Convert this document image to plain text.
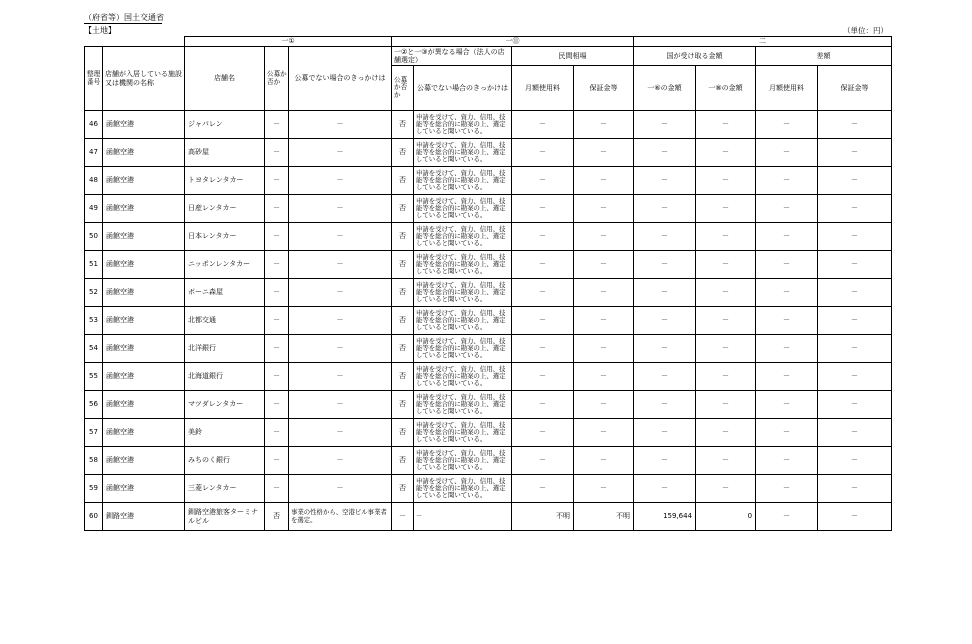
（府省等）国土交通省
【土地】	（単位：円）
		一①			一⑪				二			
整理番号	店舗が入居している施設又は機関の名称	店舗名	公募か否か	公募でない場合のきっかけは	一②と一③が異なる場合（法人の店舗選定）		民間相場		国が受け取る金額		差額	
					公募か否か	公募でない場合のきっかけは	月額使用料	保証金等	一⑥の金額	一⑧の金額	月額使用料	保証金等
46	函館空港	ジャパレン	－	－	否	申請を受けて、資力、信用、技能等を総合的に勘案の上、選定していると聞いている。	－	－	－	－	－	－
47	函館空港	高砂屋	－	－	否	申請を受けて、資力、信用、技能等を総合的に勘案の上、選定していると聞いている。	－	－	－	－	－	－
48	函館空港	トヨタレンタカー	－	－	否	申請を受けて、資力、信用、技能等を総合的に勘案の上、選定していると聞いている。	－	－	－	－	－	－
49	函館空港	日産レンタカー	－	－	否	申請を受けて、資力、信用、技能等を総合的に勘案の上、選定していると聞いている。	－	－	－	－	－	－
50	函館空港	日本レンタカー	－	－	否	申請を受けて、資力、信用、技能等を総合的に勘案の上、選定していると聞いている。	－	－	－	－	－	－
51	函館空港	ニッポンレンタカー	－	－	否	申請を受けて、資力、信用、技能等を総合的に勘案の上、選定していると聞いている。	－	－	－	－	－	－
52	函館空港	ボーニ森屋	－	－	否	申請を受けて、資力、信用、技能等を総合的に勘案の上、選定していると聞いている。	－	－	－	－	－	－
53	函館空港	北都交通	－	－	否	申請を受けて、資力、信用、技能等を総合的に勘案の上、選定していると聞いている。	－	－	－	－	－	－
54	函館空港	北洋銀行	－	－	否	申請を受けて、資力、信用、技能等を総合的に勘案の上、選定していると聞いている。	－	－	－	－	－	－
55	函館空港	北海道銀行	－	－	否	申請を受けて、資力、信用、技能等を総合的に勘案の上、選定していると聞いている。	－	－	－	－	－	－
56	函館空港	マツダレンタカー	－	－	否	申請を受けて、資力、信用、技能等を総合的に勘案の上、選定していると聞いている。	－	－	－	－	－	－
57	函館空港	美鈴	－	－	否	申請を受けて、資力、信用、技能等を総合的に勘案の上、選定していると聞いている。	－	－	－	－	－	－
58	函館空港	みちのく銀行	－	－	否	申請を受けて、資力、信用、技能等を総合的に勘案の上、選定していると聞いている。	－	－	－	－	－	－
59	函館空港	三菱レンタカー	－	－	否	申請を受けて、資力、信用、技能等を総合的に勘案の上、選定していると聞いている。	－	－	－	－	－	－
60	釧路空港	釧路空港旅客ターミナルビル	否	事業の性格から、空港ビル事業者を選定。	－	－	不明	不明	159,644	0	－	－
